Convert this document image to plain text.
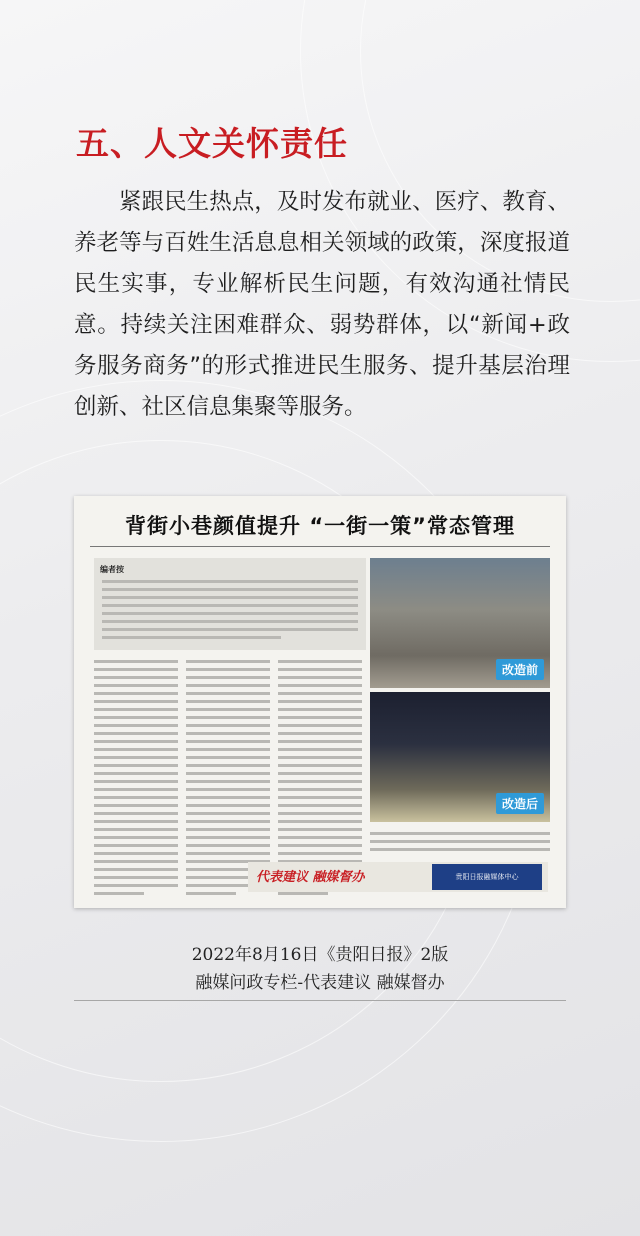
五、人文关怀责任

紧跟民生热点，及时发布就业、医疗、教育、养老等与百姓生活息息相关领域的政策，深度报道民生实事，专业解析民生问题，有效沟通社情民意。持续关注困难群众、弱势群体，以“新闻+政务服务商务”的形式推进民生服务、提升基层治理创新、社区信息集聚等服务。

背街小巷颜值提升 “一街一策”常态管理
编者按
改造前
改造后
代表建议 融媒督办	贵阳日报融媒体中心

2022年8月16日《贵阳日报》2版

融媒问政专栏-代表建议 融媒督办
